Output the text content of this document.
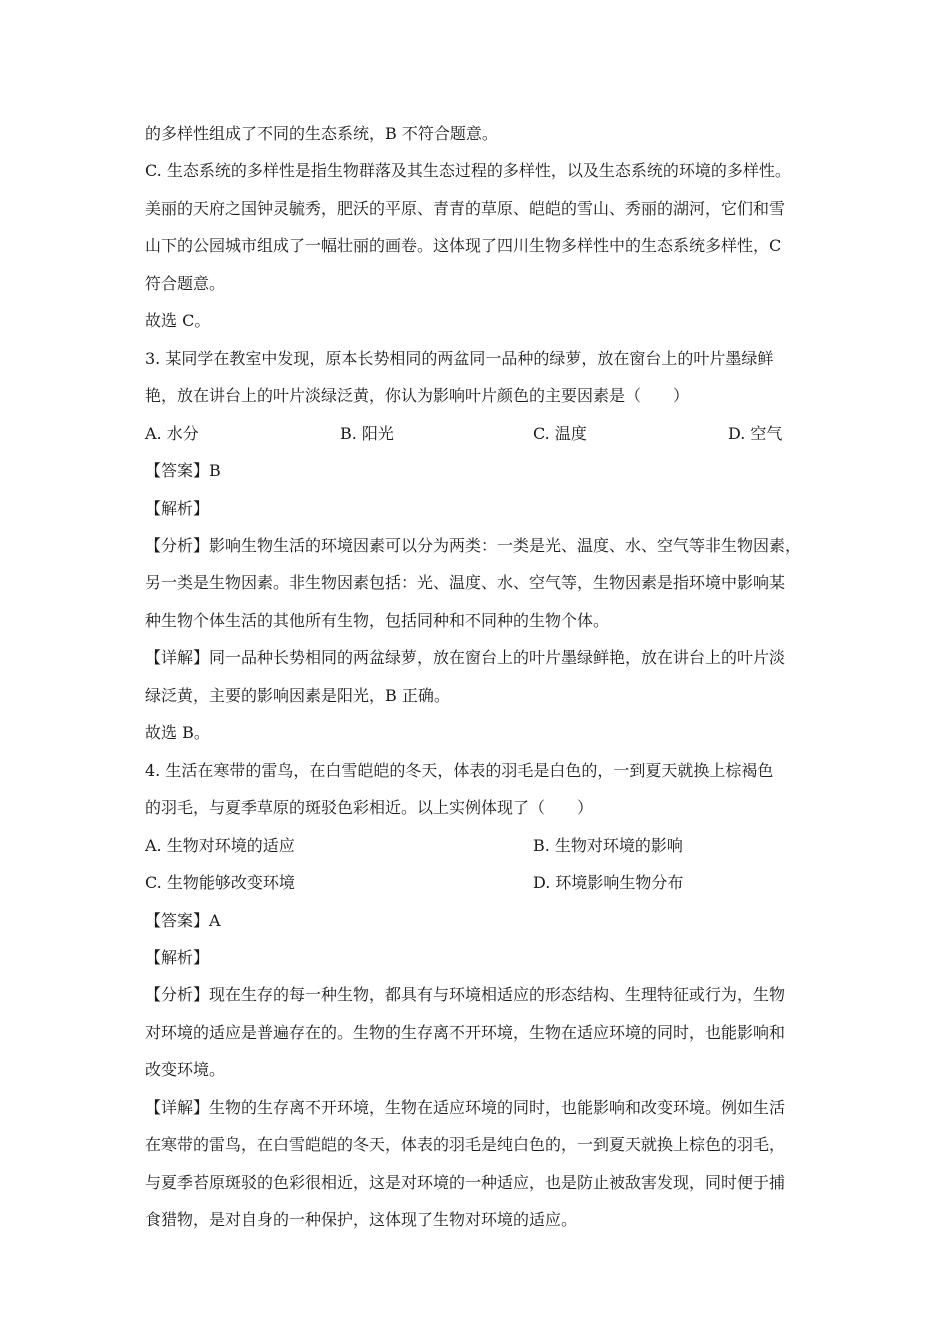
的多样性组成了不同的生态系统，B 不符合题意。
C. 生态系统的多样性是指生物群落及其生态过程的多样性，以及生态系统的环境的多样性。
美丽的天府之国钟灵毓秀，肥沃的平原、青青的草原、皑皑的雪山、秀丽的湖河，它们和雪
山下的公园城市组成了一幅壮丽的画卷。这体现了四川生物多样性中的生态系统多样性，C
符合题意。
故选 C。
3. 某同学在教室中发现，原本长势相同的两盆同一品种的绿萝，放在窗台上的叶片墨绿鲜
艳，放在讲台上的叶片淡绿泛黄，你认为影响叶片颜色的主要因素是（　　）
A. 水分	B. 阳光	C. 温度	D. 空气
【答案】B
【解析】
【分析】影响生物生活的环境因素可以分为两类：一类是光、温度、水、空气等非生物因素，
另一类是生物因素。非生物因素包括：光、温度、水、空气等，生物因素是指环境中影响某
种生物个体生活的其他所有生物，包括同种和不同种的生物个体。
【详解】同一品种长势相同的两盆绿萝，放在窗台上的叶片墨绿鲜艳，放在讲台上的叶片淡
绿泛黄，主要的影响因素是阳光，B 正确。
故选 B。
4. 生活在寒带的雷鸟，在白雪皑皑的冬天，体表的羽毛是白色的，一到夏天就换上棕褐色
的羽毛，与夏季草原的斑驳色彩相近。以上实例体现了（　　）
A. 生物对环境的适应	B. 生物对环境的影响
C. 生物能够改变环境	D. 环境影响生物分布
【答案】A
【解析】
【分析】现在生存的每一种生物，都具有与环境相适应的形态结构、生理特征或行为，生物
对环境的适应是普遍存在的。生物的生存离不开环境，生物在适应环境的同时，也能影响和
改变环境。
【详解】生物的生存离不开环境，生物在适应环境的同时，也能影响和改变环境。例如生活
在寒带的雷鸟，在白雪皑皑的冬天，体表的羽毛是纯白色的，一到夏天就换上棕色的羽毛，
与夏季苔原斑驳的色彩很相近，这是对环境的一种适应，也是防止被敌害发现，同时便于捕
食猎物，是对自身的一种保护，这体现了生物对环境的适应。
